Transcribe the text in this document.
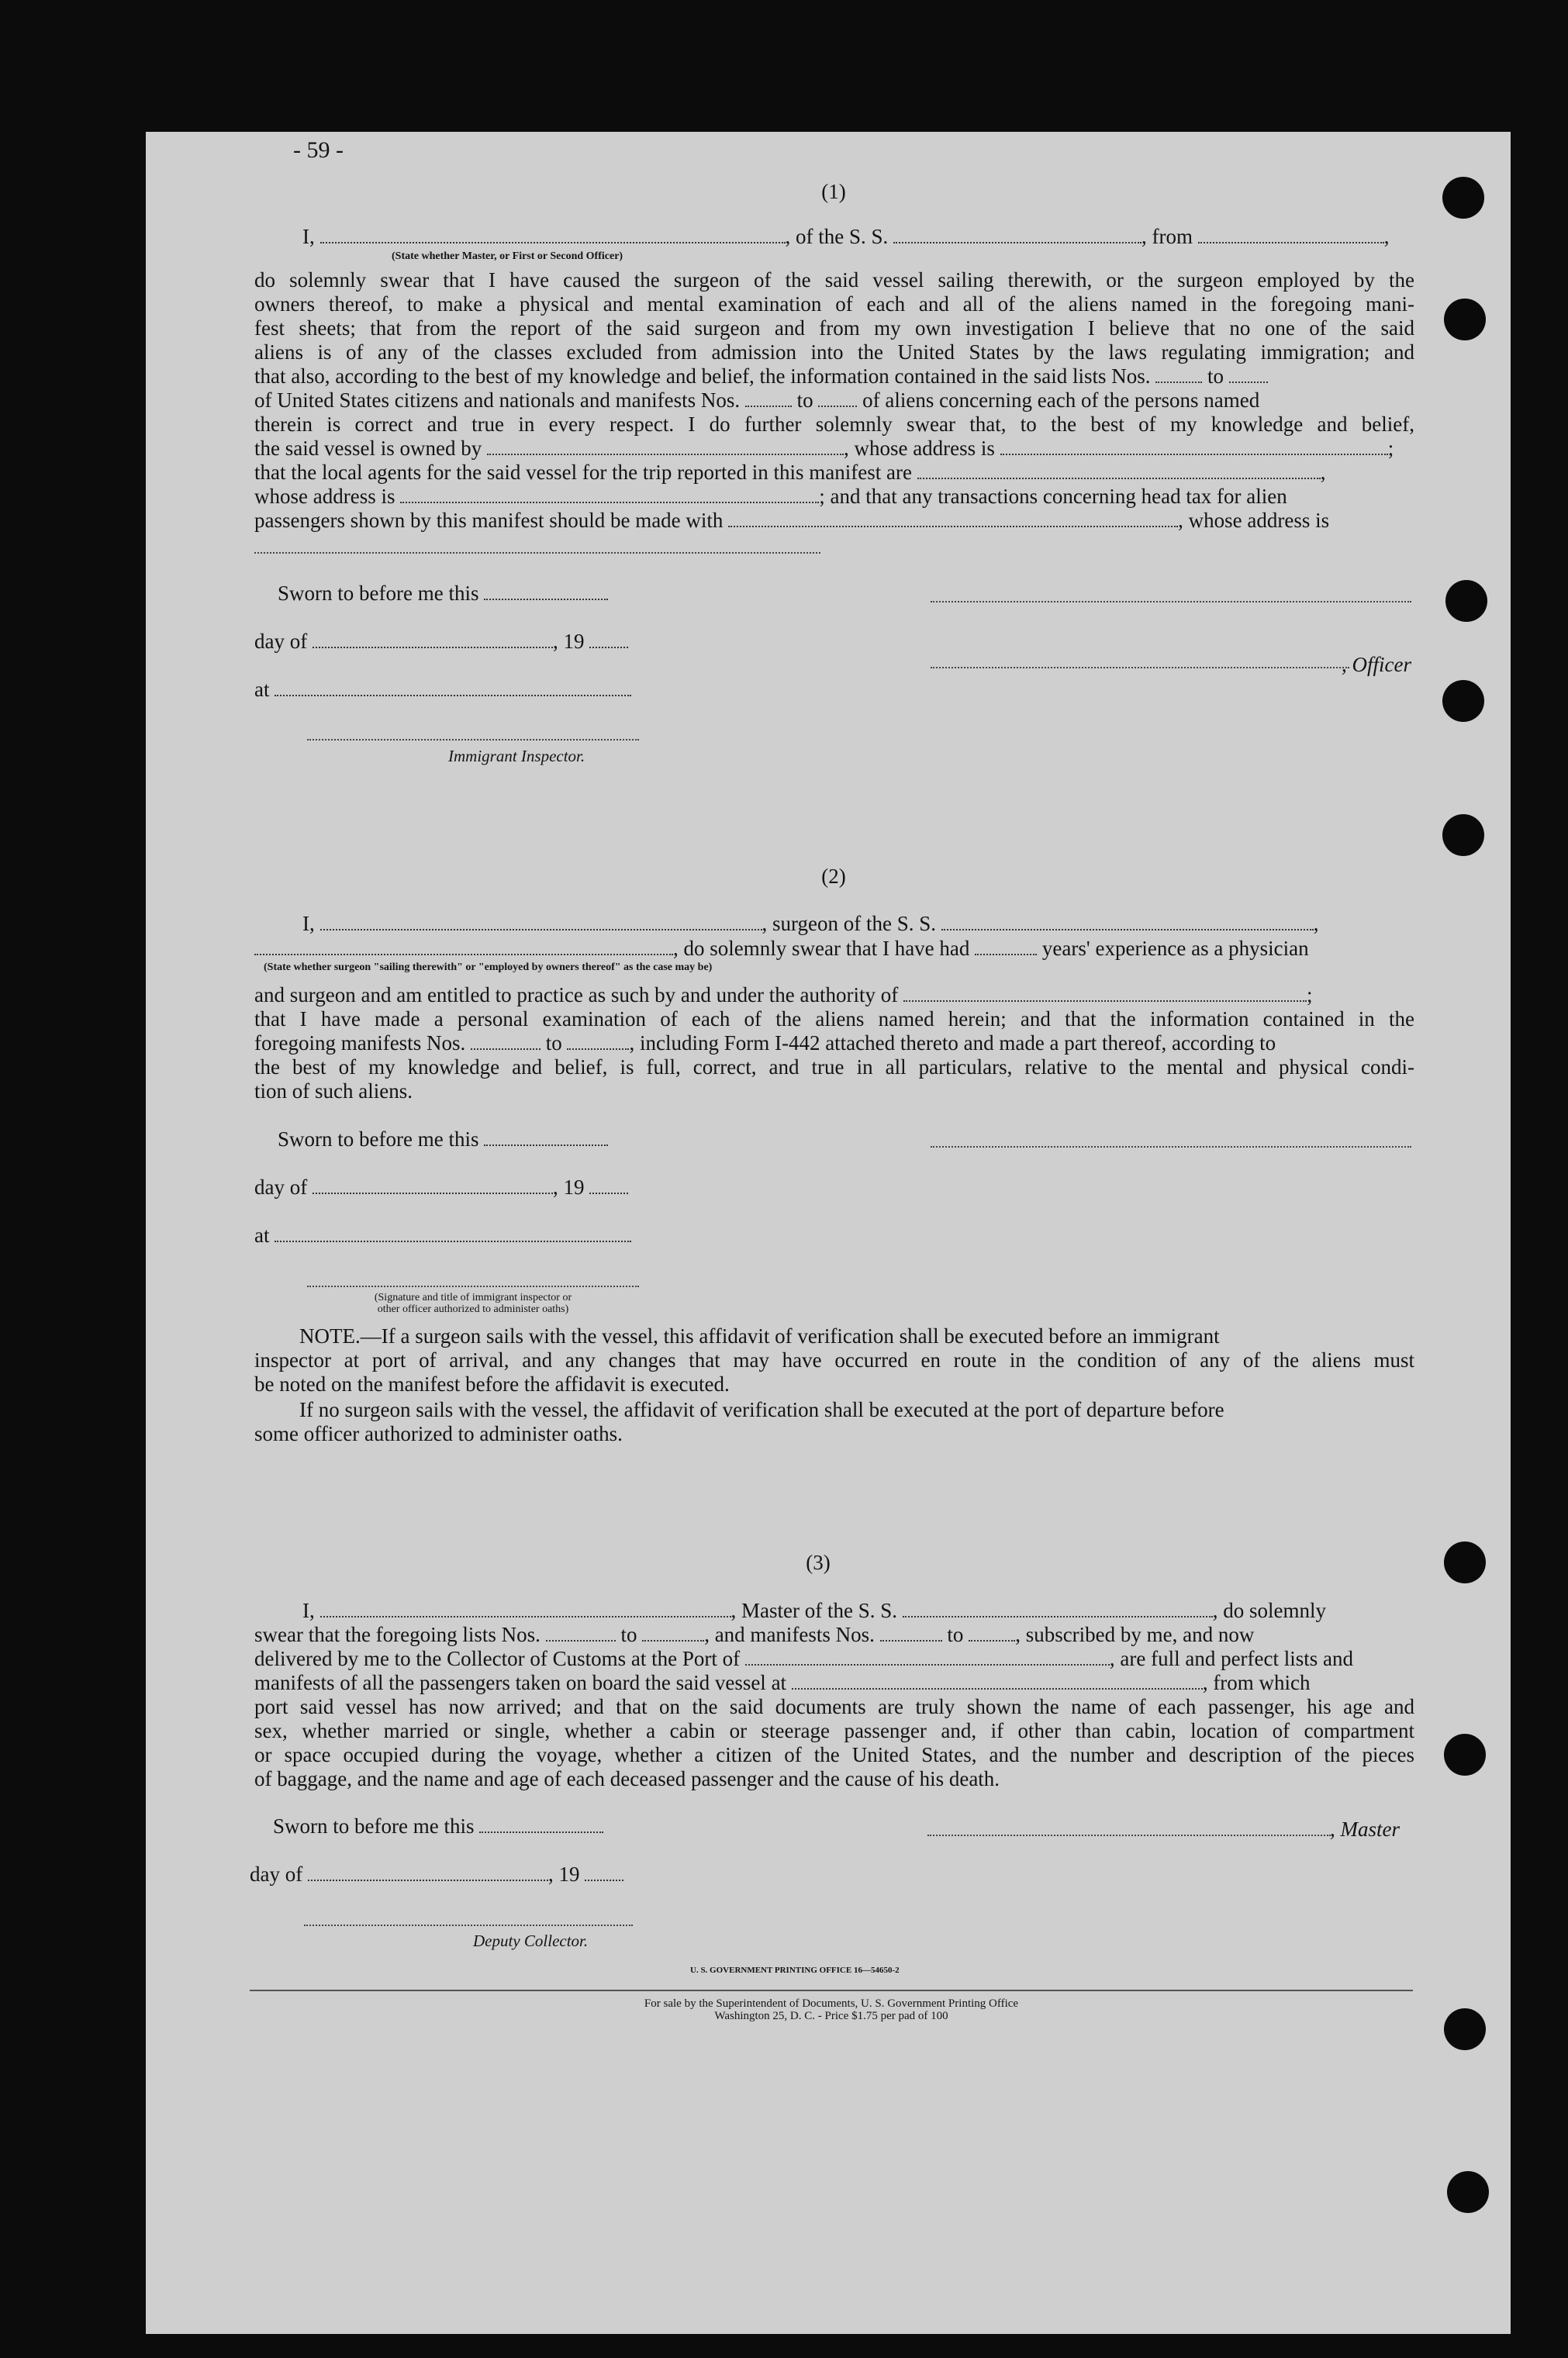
- 59 -
(1)
I,	, of the S. S.	, from	,
(State whether Master, or First or Second Officer)
do solemnly swear that I have caused the surgeon of the said vessel sailing therewith, or the surgeon employed by the
owners thereof, to make a physical and mental examination of each and all of the aliens named in the foregoing mani-
fest sheets; that from the report of the said surgeon and from my own investigation I believe that no one of the said
aliens is of any of the classes excluded from admission into the United States by the laws regulating immigration; and
that also, according to the best of my knowledge and belief, the information contained in the said lists Nos.	to
of United States citizens and nationals and manifests Nos.	to of aliens concerning each of the persons named
therein is correct and true in every respect. I do further solemnly swear that, to the best of my knowledge and belief,
the said vessel is owned by	, whose address is	;
that the local agents for the said vessel for the trip reported in this manifest are	,
whose address is	; and that any transactions concerning head tax for alien
passengers shown by this manifest should be made with	, whose address is
Sworn to before me this
day of	, 19
, Officer
at
Immigrant Inspector.
(2)
I,	, surgeon of the S. S.	,
, do solemnly swear that I have had	years' experience as a physician
(State whether surgeon "sailing therewith" or "employed by owners thereof" as the case may be)
and surgeon and am entitled to practice as such by and under the authority of	;
that I have made a personal examination of each of the aliens named herein; and that the information contained in the
foregoing manifests Nos.	to	, including Form I-442 attached thereto and made a part thereof, according to
the best of my knowledge and belief, is full, correct, and true in all particulars, relative to the mental and physical condi-
tion of such aliens.
Sworn to before me this
day of	, 19
at
(Signature and title of immigrant inspector or
other officer authorized to administer oaths)
NOTE.—If a surgeon sails with the vessel, this affidavit of verification shall be executed before an immigrant
inspector at port of arrival, and any changes that may have occurred en route in the condition of any of the aliens must
be noted on the manifest before the affidavit is executed.
If no surgeon sails with the vessel, the affidavit of verification shall be executed at the port of departure before
some officer authorized to administer oaths.
(3)
I,	, Master of the S. S.	, do solemnly
swear that the foregoing lists Nos.	to	, and manifests Nos.	to , subscribed by me, and now
delivered by me to the Collector of Customs at the Port of	, are full and perfect lists and
manifests of all the passengers taken on board the said vessel at	, from which
port said vessel has now arrived; and that on the said documents are truly shown the name of each passenger, his age and
sex, whether married or single, whether a cabin or steerage passenger and, if other than cabin, location of compartment
or space occupied during the voyage, whether a citizen of the United States, and the number and description of the pieces
of baggage, and the name and age of each deceased passenger and the cause of his death.
Sworn to before me this	, Master
day of	, 19
Deputy Collector.
U. S. GOVERNMENT PRINTING OFFICE 16—54650-2
For sale by the Superintendent of Documents, U. S. Government Printing Office
Washington 25, D. C. - Price $1.75 per pad of 100
